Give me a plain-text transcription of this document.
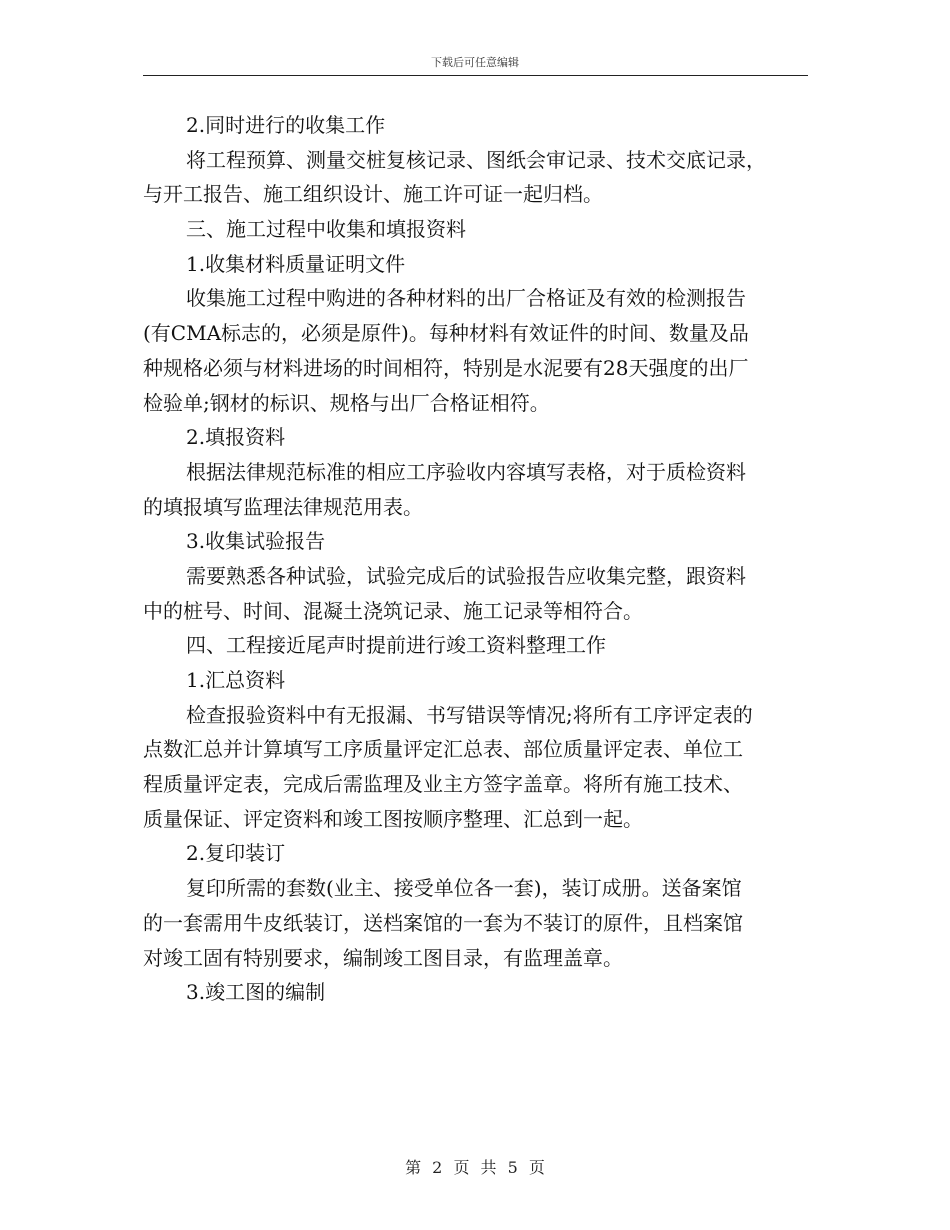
下载后可任意编辑
2.同时进行的收集工作
将工程预算、测量交桩复核记录、图纸会审记录、技术交底记录，
与开工报告、施工组织设计、施工许可证一起归档。
三、施工过程中收集和填报资料
1.收集材料质量证明文件
收集施工过程中购进的各种材料的出厂合格证及有效的检测报告
(有CMA标志的，必须是原件)。每种材料有效证件的时间、数量及品
种规格必须与材料进场的时间相符，特别是水泥要有28天强度的出厂
检验单;钢材的标识、规格与出厂合格证相符。
2.填报资料
根据法律规范标准的相应工序验收内容填写表格，对于质检资料
的填报填写监理法律规范用表。
3.收集试验报告
需要熟悉各种试验，试验完成后的试验报告应收集完整，跟资料
中的桩号、时间、混凝土浇筑记录、施工记录等相符合。
四、工程接近尾声时提前进行竣工资料整理工作
1.汇总资料
检查报验资料中有无报漏、书写错误等情况;将所有工序评定表的
点数汇总并计算填写工序质量评定汇总表、部位质量评定表、单位工
程质量评定表，完成后需监理及业主方签字盖章。将所有施工技术、
质量保证、评定资料和竣工图按顺序整理、汇总到一起。
2.复印装订
复印所需的套数(业主、接受单位各一套)，装订成册。送备案馆
的一套需用牛皮纸装订，送档案馆的一套为不装订的原件，且档案馆
对竣工固有特别要求，编制竣工图目录，有监理盖章。
3.竣工图的编制
第 2 页 共 5 页
